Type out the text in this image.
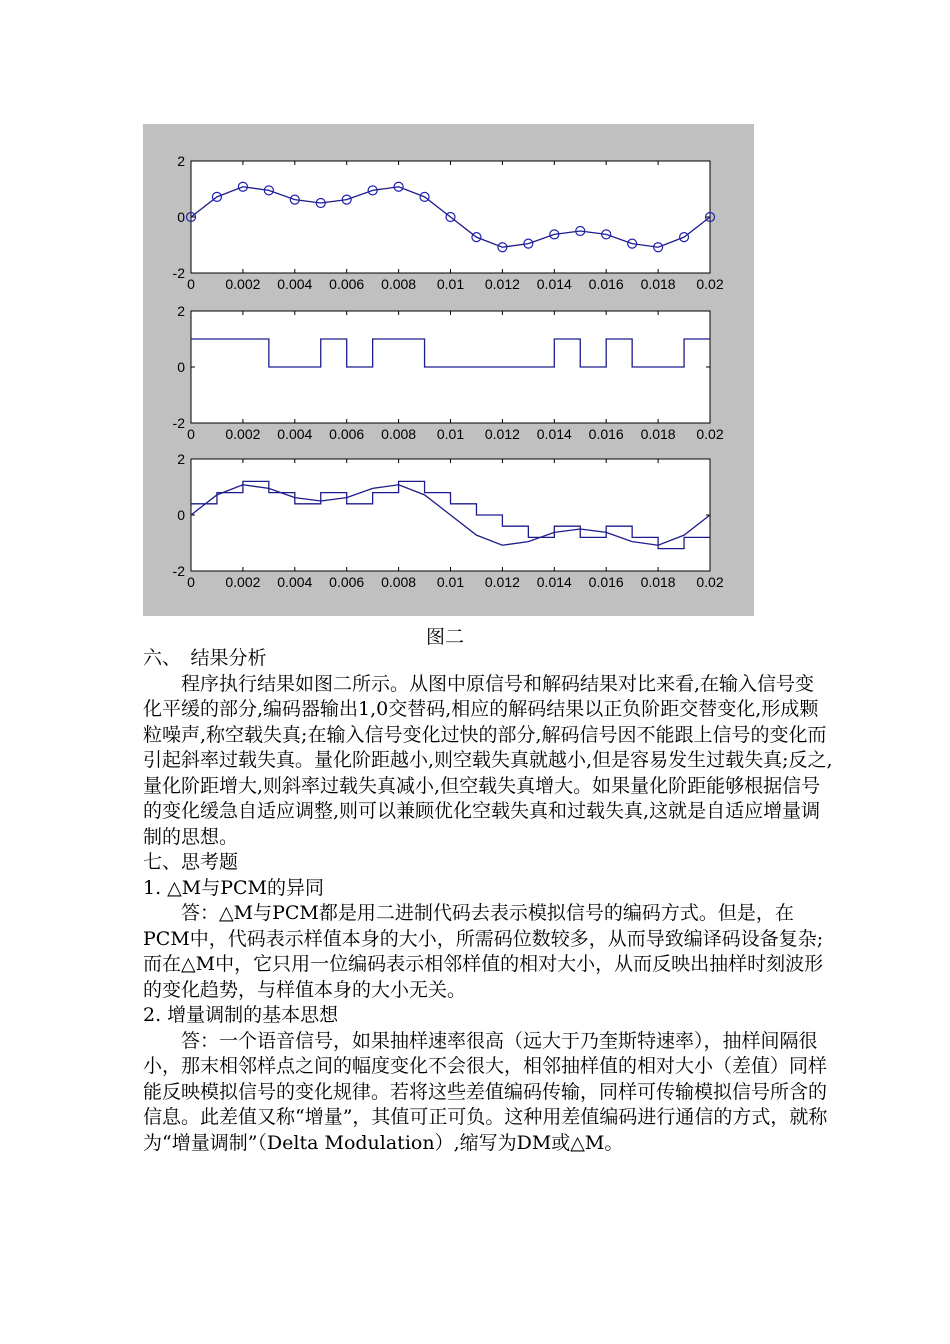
0 0.002 0.004 0.006 0.008 0.01 0.012 0.014 0.016 0.018 0.02
2
0
-2
0 0.002 0.004 0.006 0.008 0.01 0.012 0.014 0.016 0.018 0.02
2
0
-2
0 0.002 0.004 0.006 0.008 0.01 0.012 0.014 0.016 0.018 0.02
2
0
-2
图二

六、　结果分析

程序执行结果如图二所示。从图中原信号和解码结果对比来看,在输入信号变化平缓的部分,编码器输出1,0交替码,相应的解码结果以正负阶距交替变化,形成颗粒噪声,称空载失真;在输入信号变化过快的部分,解码信号因不能跟上信号的变化而引起斜率过载失真。量化阶距越小,则空载失真就越小,但是容易发生过载失真;反之,量化阶距增大,则斜率过载失真减小,但空载失真增大。如果量化阶距能够根据信号的变化缓急自适应调整,则可以兼顾优化空载失真和过载失真,这就是自适应增量调制的思想。

七、思考题

1. △M与PCM的异同

答：△M与PCM都是用二进制代码去表示模拟信号的编码方式。但是，在PCM中，代码表示样值本身的大小，所需码位数较多，从而导致编译码设备复杂;而在△M中，它只用一位编码表示相邻样值的相对大小，从而反映出抽样时刻波形的变化趋势，与样值本身的大小无关。

2. 增量调制的基本思想

答：一个语音信号，如果抽样速率很高（远大于乃奎斯特速率），抽样间隔很小，那末相邻样点之间的幅度变化不会很大，相邻抽样值的相对大小（差值）同样能反映模拟信号的变化规律。若将这些差值编码传输，同样可传输模拟信号所含的信息。此差值又称“增量”，其值可正可负。这种用差值编码进行通信的方式，就称为“增量调制”（Delta Modulation）,缩写为DM或△M。
